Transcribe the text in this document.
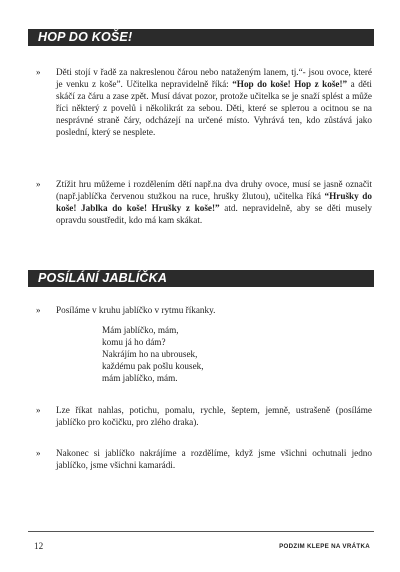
HOP DO KOŠE!
» Děti stojí v řadě za nakreslenou čárou nebo nataženým lanem, tj.“- jsou ovoce, které je venku z koše”. Učitelka nepravidelně říká: “Hop do koše! Hop z koše!” a děti skáčí za čáru a zase zpět. Musí dávat pozor, protože učitelka se je snaží splést a může říci některý z povelů i několikrát za sebou. Děti, které se splетou a ocitnou se na nesprávné straně čáry, odcházejí na určené místo. Vyhrává ten, kdo zůstává jako poslední, který se nesplete.
» Ztížit hru můžeme i rozdělením dětí např.na dva druhy ovoce, musí se jasně označit (např.jablíčka červenou stužkou na ruce, hrušky žlutou), učitelka říká “Hrušky do koše! Jablka do koše! Hrušky z koše!” atd. nepravidelně, aby se děti musely opravdu soustředit, kdo má kam skákat.
POSÍLÁNÍ JABLÍČKA
» Posíláme v kruhu jablíčko v rytmu říkanky.
Mám jablíčko, mám,
komu já ho dám?
Nakrájím ho na ubrousek,
každému pak pošlu kousek,
mám jablíčko, mám.
» Lze říkat nahlas, potichu, pomalu, rychle, šeptem, jemně, ustrašeně (posíláme jablíčko pro kočičku, pro zlého draka).
» Nakonec si jablíčko nakrájíme a rozdělíme, když jsme všichni ochutnali jedno jablíčko, jsme všichni kamarádi.
12	PODZIM KLEPE NA VRÁTKA
